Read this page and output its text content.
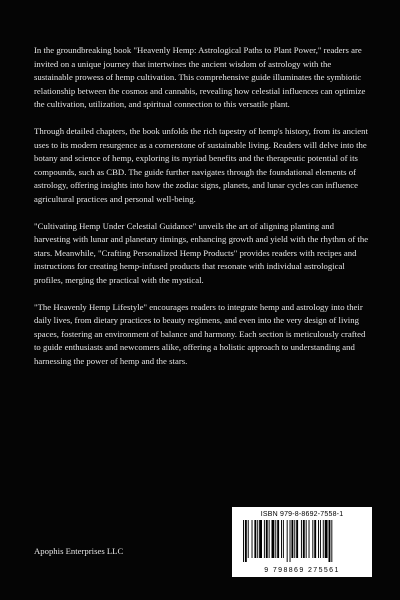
In the groundbreaking book "Heavenly Hemp: Astrological Paths to Plant Power," readers are invited on a unique journey that intertwines the ancient wisdom of astrology with the sustainable prowess of hemp cultivation. This comprehensive guide illuminates the symbiotic relationship between the cosmos and cannabis, revealing how celestial influences can optimize the cultivation, utilization, and spiritual connection to this versatile plant.

Through detailed chapters, the book unfolds the rich tapestry of hemp's history, from its ancient uses to its modern resurgence as a cornerstone of sustainable living. Readers will delve into the botany and science of hemp, exploring its myriad benefits and the therapeutic potential of its compounds, such as CBD. The guide further navigates through the foundational elements of astrology, offering insights into how the zodiac signs, planets, and lunar cycles can influence agricultural practices and personal well-being.

"Cultivating Hemp Under Celestial Guidance" unveils the art of aligning planting and harvesting with lunar and planetary timings, enhancing growth and yield with the rhythm of the stars. Meanwhile, "Crafting Personalized Hemp Products" provides readers with recipes and instructions for creating hemp-infused products that resonate with individual astrological profiles, merging the practical with the mystical.

"The Heavenly Hemp Lifestyle" encourages readers to integrate hemp and astrology into their daily lives, from dietary practices to beauty regimens, and even into the very design of living spaces, fostering an environment of balance and harmony. Each section is meticulously crafted to guide enthusiasts and newcomers alike, offering a holistic approach to understanding and harnessing the power of hemp and the stars.

Apophis Enterprises LLC
ISBN 979-8-8692-7558-1
9 798869 275561
